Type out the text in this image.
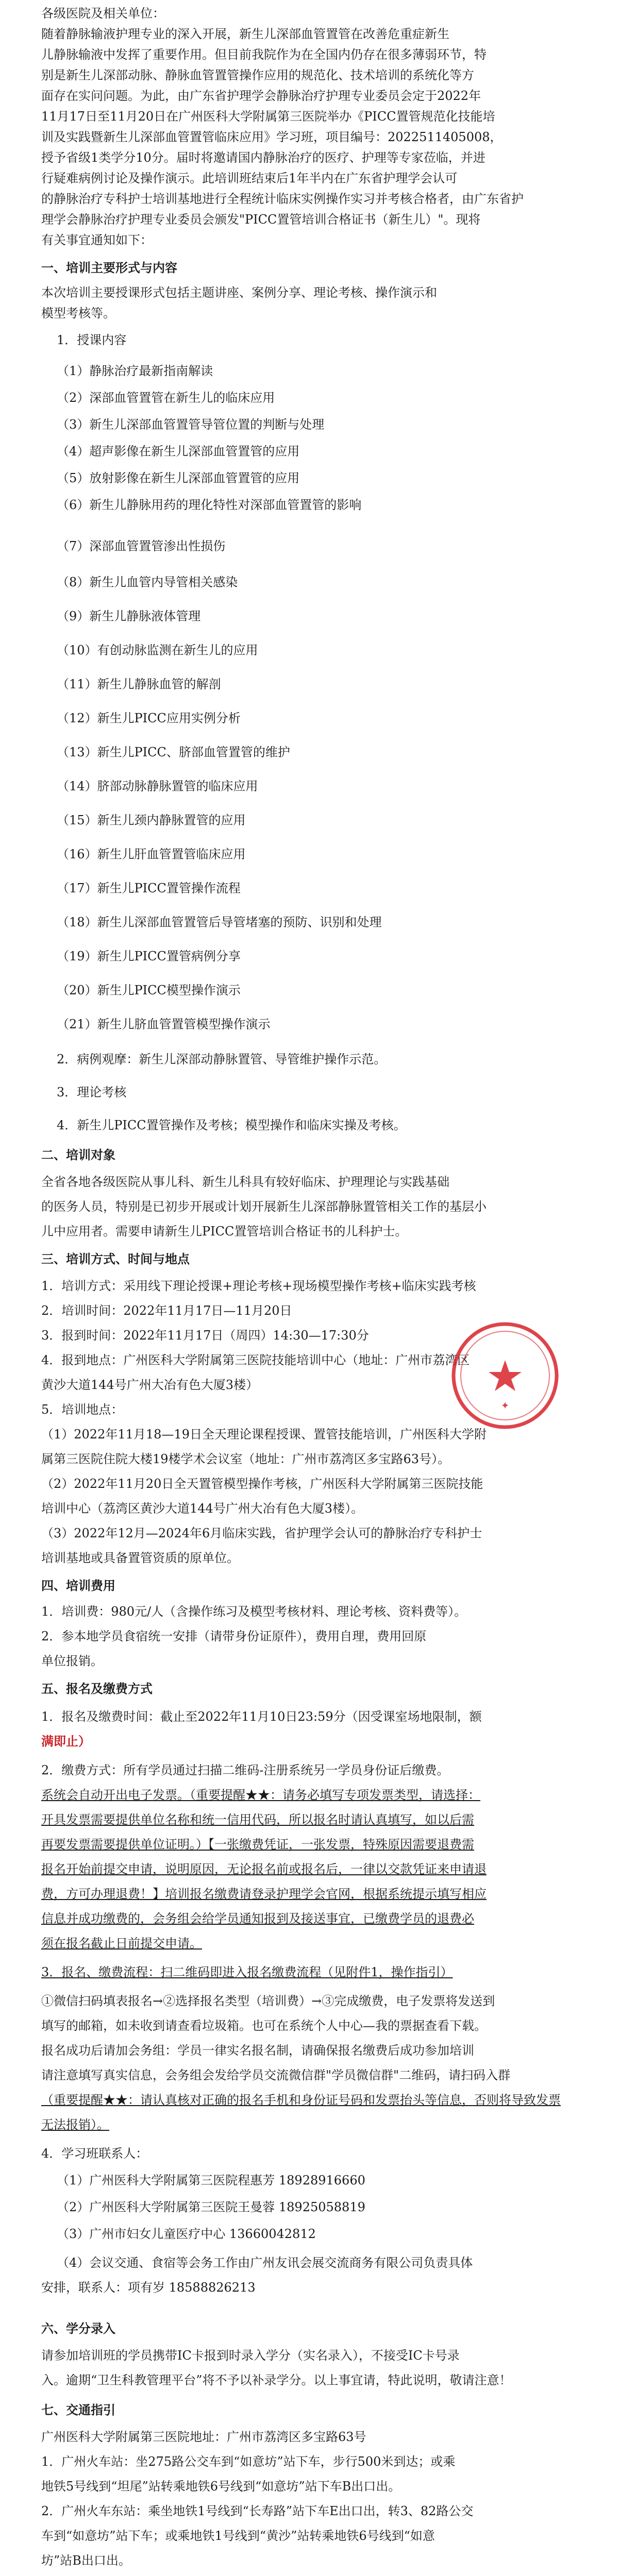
各级医院及相关单位：
随着静脉输液护理专业的深入开展，新生儿深部血管置管在改善危重症新生
儿静脉输液中发挥了重要作用。但目前我院作为在全国内仍存在很多薄弱环节，特
别是新生儿深部动脉、静脉血管置管操作应用的规范化、技术培训的系统化等方
面存在实问问题。为此，由广东省护理学会静脉治疗护理专业委员会定于2022年
11月17日至11月20日在广州医科大学附属第三医院举办《PICC置管规范化技能培
训及实践暨新生儿深部血管置管临床应用》学习班，项目编号：2022511405008，
授予省级1类学分10分。届时将邀请国内静脉治疗的医疗、护理等专家莅临，并进
行疑难病例讨论及操作演示。此培训班结束后1年半内在广东省护理学会认可
的静脉治疗专科护士培训基地进行全程统计临床实例操作实习并考核合格者，由广东省护
理学会静脉治疗护理专业委员会颁发"PICC置管培训合格证书（新生儿）"。现将
有关事宜通知如下：
一、培训主要形式与内容
本次培训主要授课形式包括主题讲座、案例分享、理论考核、操作演示和
模型考核等。
1．授课内容
（1）静脉治疗最新指南解读
（2）深部血管置管在新生儿的临床应用
（3）新生儿深部血管置管导管位置的判断与处理
（4）超声影像在新生儿深部血管置管的应用
（5）放射影像在新生儿深部血管置管的应用
（6）新生儿静脉用药的理化特性对深部血管置管的影响
（7）深部血管置管渗出性损伤
（8）新生儿血管内导管相关感染
（9）新生儿静脉液体管理
（10）有创动脉监测在新生儿的应用
（11）新生儿静脉血管的解剖
（12）新生儿PICC应用实例分析
（13）新生儿PICC、脐部血管置管的维护
（14）脐部动脉静脉置管的临床应用
（15）新生儿颈内静脉置管的应用
（16）新生儿肝血管置管临床应用
（17）新生儿PICC置管操作流程
（18）新生儿深部血管置管后导管堵塞的预防、识别和处理
（19）新生儿PICC置管病例分享
（20）新生儿PICC模型操作演示
（21）新生儿脐血管置管模型操作演示
2．病例观摩：新生儿深部动静脉置管、导管维护操作示范。
3．理论考核
4．新生儿PICC置管操作及考核；模型操作和临床实操及考核。
二、培训对象
全省各地各级医院从事儿科、新生儿科具有较好临床、护理理论与实践基础
的医务人员，特别是已初步开展或计划开展新生儿深部静脉置管相关工作的基层小
儿中应用者。需要申请新生儿PICC置管培训合格证书的儿科护士。
三、培训方式、时间与地点
1．培训方式：采用线下理论授课+理论考核+现场模型操作考核+临床实践考核
2．培训时间：2022年11月17日—11月20日
3．报到时间：2022年11月17日（周四）14:30—17:30分
4．报到地点：广州医科大学附属第三医院技能培训中心（地址：广州市荔湾区
黄沙大道144号广州大冶有色大厦3楼）
5．培训地点：
（1）2022年11月18—19日全天理论课程授课、置管技能培训，广州医科大学附
属第三医院住院大楼19楼学术会议室（地址：广州市荔湾区多宝路63号）。
（2）2022年11月20日全天置管模型操作考核，广州医科大学附属第三医院技能
培训中心（荔湾区黄沙大道144号广州大冶有色大厦3楼）。
（3）2022年12月—2024年6月临床实践，省护理学会认可的静脉治疗专科护士
培训基地或具备置管资质的原单位。
四、培训费用
1．培训费：980元/人（含操作练习及模型考核材料、理论考核、资料费等）。
2．参本地学员食宿统一安排（请带身份证原件），费用自理，费用回原
单位报销。
五、报名及缴费方式
1．报名及缴费时间：截止至2022年11月10日23:59分（因受课室场地限制，额
满即止）
2．缴费方式：所有学员通过扫描二维码-注册系统另一学员身份证后缴费。
系统会自动开出电子发票。（重要提醒★★：请务必填写专项发票类型，请选择：
开具发票需要提供单位名称和统一信用代码，所以报名时请认真填写，如以后需
再要发票需要提供单位证明。）【一张缴费凭证，一张发票，特殊原因需要退费需
报名开始前提交申请，说明原因，无论报名前或报名后，一律以交款凭证来申请退
费，方可办理退费！】培训报名缴费请登录护理学会官网，根据系统提示填写相应
信息并成功缴费的，会务组会给学员通知报到及接送事宜，已缴费学员的退费必
须在报名截止日前提交申请。
3．报名、缴费流程：扫二维码即进入报名缴费流程（见附件1，操作指引）
①微信扫码填表报名→②选择报名类型（培训费）→③完成缴费，电子发票将发送到
填写的邮箱，如未收到请查看垃圾箱。也可在系统个人中心—我的票据查看下载。
报名成功后请加会务组：学员一律实名报名制，请确保报名缴费后成功参加培训
请注意填写真实信息，会务组会发给学员交流微信群"学员微信群"二维码，请扫码入群
（重要提醒★★：请认真核对正确的报名手机和身份证号码和发票抬头等信息，否则将导致发票
无法报销）。
4．学习班联系人：
（1）广州医科大学附属第三医院程惠芳 18928916660
（2）广州医科大学附属第三医院王曼蓉 18925058819
（3）广州市妇女儿童医疗中心 13660042812
（4）会议交通、食宿等会务工作由广州友讯会展交流商务有限公司负责具体
安排，联系人：项有岁 18588826213
六、学分录入
请参加培训班的学员携带IC卡报到时录入学分（实名录入），不接受IC卡号录
入。逾期“卫生科教管理平台”将不予以补录学分。以上事宜请，特此说明，敬请注意！
七、交通指引
广州医科大学附属第三医院地址：广州市荔湾区多宝路63号
1．广州火车站：坐275路公交车到“如意坊”站下车，步行500米到达；或乘
地铁5号线到“坦尾”站转乘地铁6号线到“如意坊”站下车B出口出。
2．广州火车东站：乘坐地铁1号线到“长寿路”站下车E出口出，转3、82路公交
车到“如意坊”站下车；或乘地铁1号线到“黄沙”站转乘地铁6号线到“如意
坊”站B出口出。
✦
